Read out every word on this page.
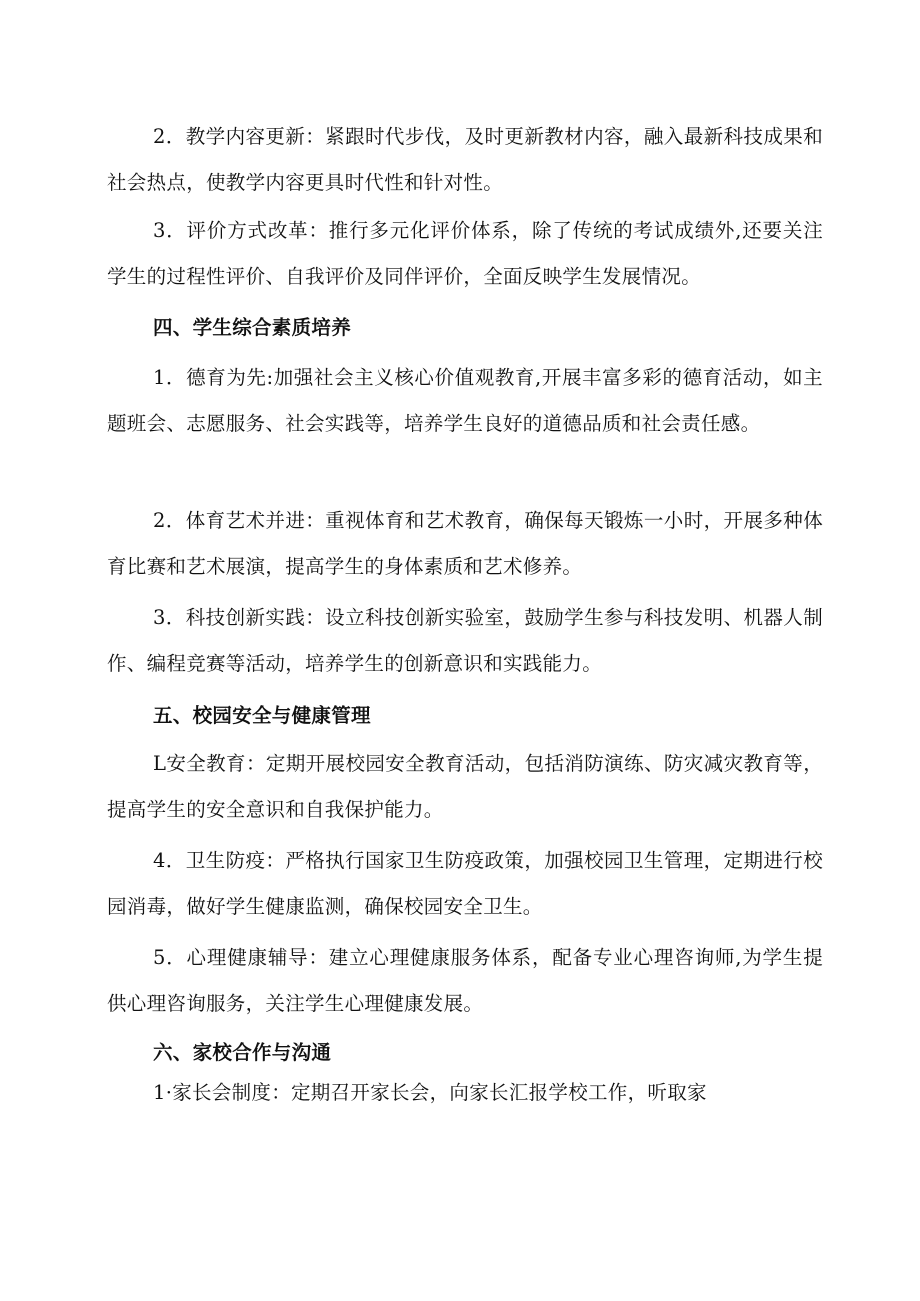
2．教学内容更新：紧跟时代步伐，及时更新教材内容，融入最新科技成果和社会热点，使教学内容更具时代性和针对性。

3．评价方式改革：推行多元化评价体系，除了传统的考试成绩外,还要关注学生的过程性评价、自我评价及同伴评价，全面反映学生发展情况。

四、学生综合素质培养

1．德育为先:加强社会主义核心价值观教育,开展丰富多彩的德育活动，如主题班会、志愿服务、社会实践等，培养学生良好的道德品质和社会责任感。

2．体育艺术并进：重视体育和艺术教育，确保每天锻炼一小时，开展多种体育比赛和艺术展演，提高学生的身体素质和艺术修养。

3．科技创新实践：设立科技创新实验室，鼓励学生参与科技发明、机器人制作、编程竞赛等活动，培养学生的创新意识和实践能力。

五、校园安全与健康管理

L安全教育：定期开展校园安全教育活动，包括消防演练、防灾减灾教育等，提高学生的安全意识和自我保护能力。

4．卫生防疫：严格执行国家卫生防疫政策，加强校园卫生管理，定期进行校园消毒，做好学生健康监测，确保校园安全卫生。

5．心理健康辅导：建立心理健康服务体系，配备专业心理咨询师,为学生提供心理咨询服务，关注学生心理健康发展。

六、家校合作与沟通

1·家长会制度：定期召开家长会，向家长汇报学校工作，听取家
